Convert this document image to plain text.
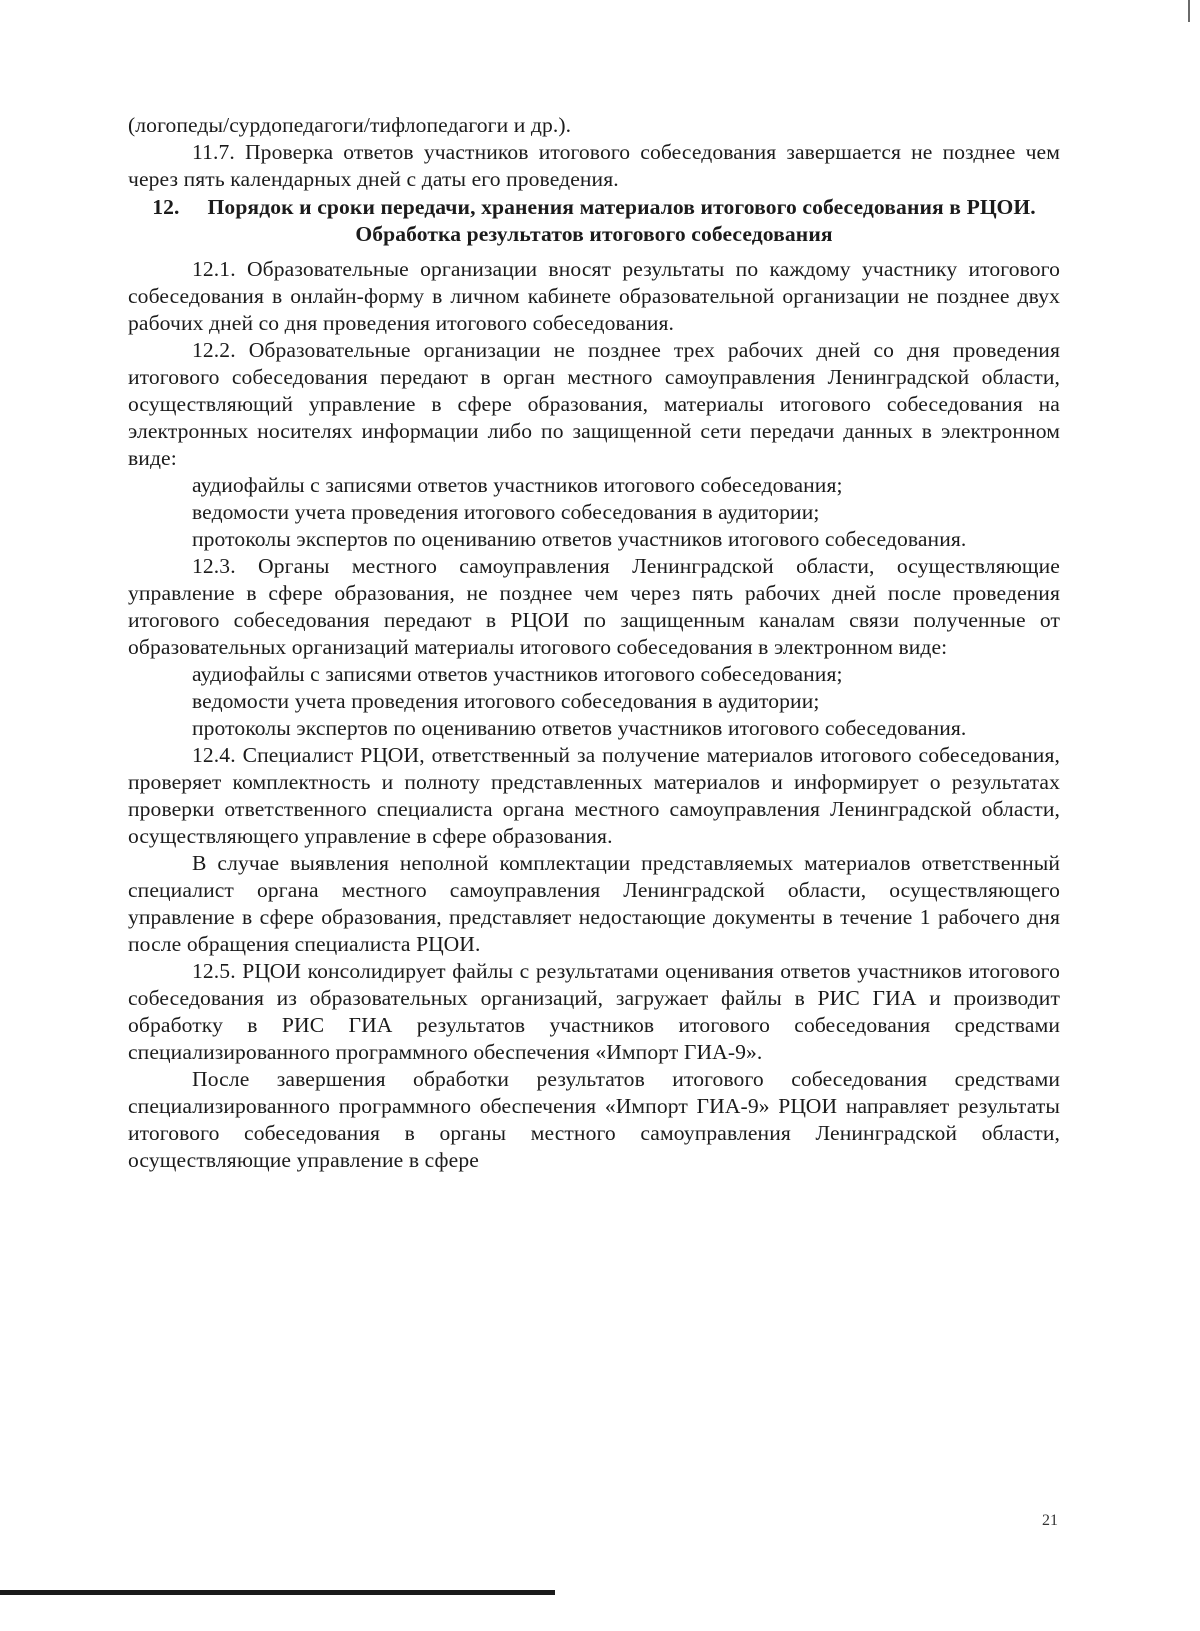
(логопеды/сурдопедагоги/тифлопедагоги и др.).

11.7. Проверка ответов участников итогового собеседования завершается не позднее чем через пять календарных дней с даты его проведения.

12. Порядок и сроки передачи, хранения материалов итогового собеседования в РЦОИ. Обработка результатов итогового собеседования

12.1. Образовательные организации вносят результаты по каждому участнику итогового собеседования в онлайн-форму в личном кабинете образовательной организации не позднее двух рабочих дней со дня проведения итогового собеседования.

12.2. Образовательные организации не позднее трех рабочих дней со дня проведения итогового собеседования передают в орган местного самоуправления Ленинградской области, осуществляющий управление в сфере образования, материалы итогового собеседования на электронных носителях информации либо по защищенной сети передачи данных в электронном виде:

аудиофайлы с записями ответов участников итогового собеседования;

ведомости учета проведения итогового собеседования в аудитории;

протоколы экспертов по оцениванию ответов участников итогового собеседования.

12.3. Органы местного самоуправления Ленинградской области, осуществляющие управление в сфере образования, не позднее чем через пять рабочих дней после проведения итогового собеседования передают в РЦОИ по защищенным каналам связи полученные от образовательных организаций материалы итогового собеседования в электронном виде:

аудиофайлы с записями ответов участников итогового собеседования;

ведомости учета проведения итогового собеседования в аудитории;

протоколы экспертов по оцениванию ответов участников итогового собеседования.

12.4. Специалист РЦОИ, ответственный за получение материалов итогового собеседования, проверяет комплектность и полноту представленных материалов и информирует о результатах проверки ответственного специалиста органа местного самоуправления Ленинградской области, осуществляющего управление в сфере образования.

В случае выявления неполной комплектации представляемых материалов ответственный специалист органа местного самоуправления Ленинградской области, осуществляющего управление в сфере образования, представляет недостающие документы в течение 1 рабочего дня после обращения специалиста РЦОИ.

12.5. РЦОИ консолидирует файлы с результатами оценивания ответов участников итогового собеседования из образовательных организаций, загружает файлы в РИС ГИА и производит обработку в РИС ГИА результатов участников итогового собеседования средствами специализированного программного обеспечения «Импорт ГИА-9».

После завершения обработки результатов итогового собеседования средствами специализированного программного обеспечения «Импорт ГИА-9» РЦОИ направляет результаты итогового собеседования в органы местного самоуправления Ленинградской области, осуществляющие управление в сфере

21
